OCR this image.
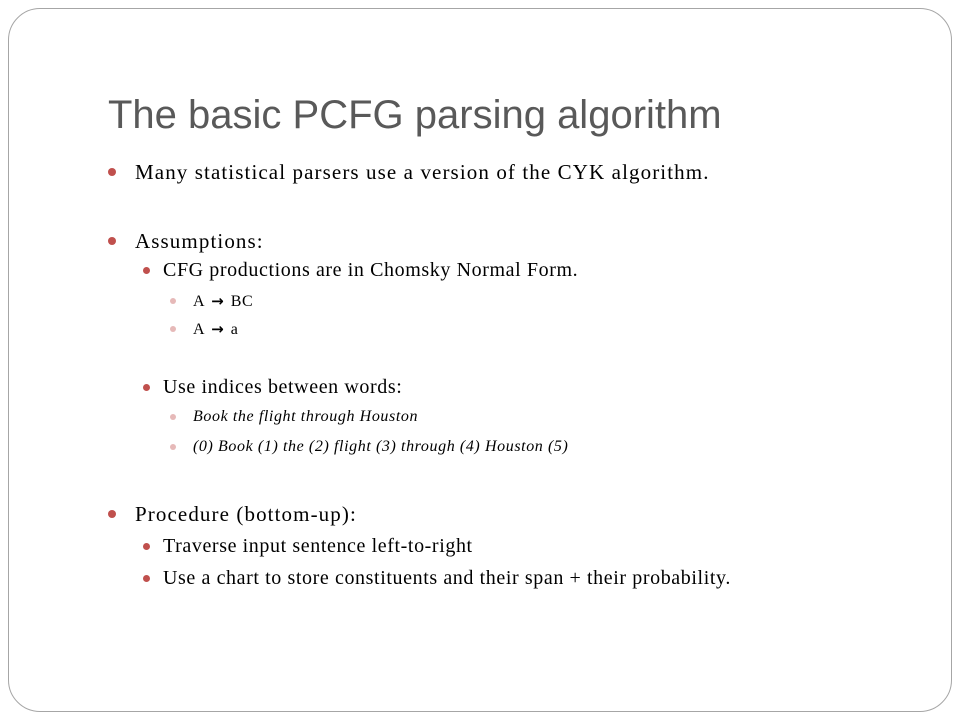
The basic PCFG parsing algorithm
Many statistical parsers use a version of the CYK algorithm.
Assumptions:
CFG productions are in Chomsky Normal Form.
A → BC
A → a
Use indices between words:
Book the flight through Houston
(0) Book (1) the (2) flight (3) through (4) Houston (5)
Procedure (bottom-up):
Traverse input sentence left-to-right
Use a chart to store constituents and their span + their probability.
